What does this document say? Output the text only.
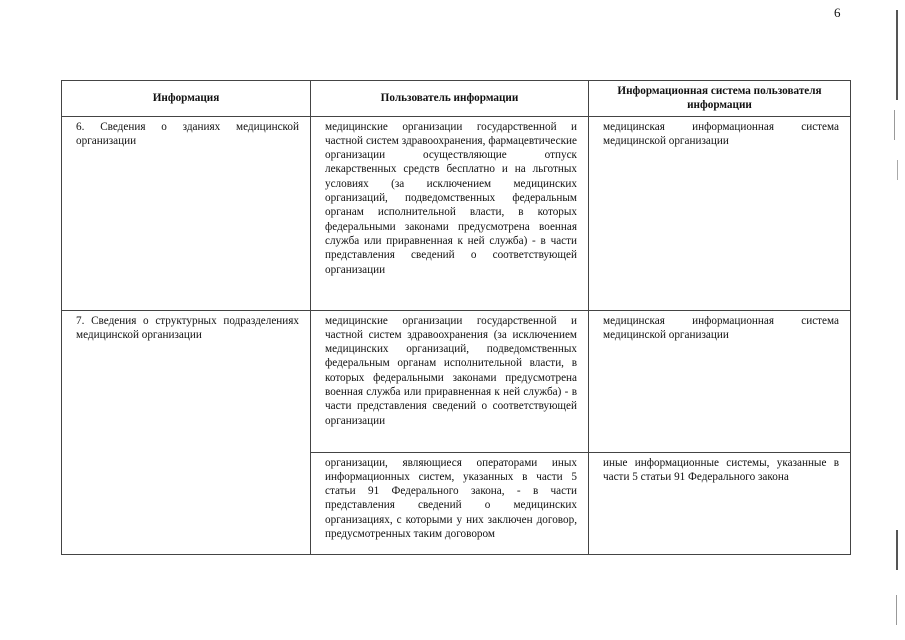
6
Информация	Пользователь информации	Информационная система пользователя информации
6. Сведения о зданиях медицинской организации	медицинские организации государственной и частной систем здравоохранения, фармацевтические организации осуществляющие отпуск лекарственных средств бесплатно и на льготных условиях (за исключением медицинских организаций, подведомственных федеральным органам исполнительной власти, в которых федеральными законами предусмотрена военная служба или приравненная к ней служба) - в части представления сведений о соответствующей организации	медицинская информационная система медицинской организации
7. Сведения о структурных подразделениях медицинской организации	медицинские организации государственной и частной систем здравоохранения (за исключением медицинских организаций, подведомственных федеральным органам исполнительной власти, в которых федеральными законами предусмотрена военная служба или приравненная к ней служба) - в части представления сведений о соответствующей организации	медицинская информационная система медицинской организации
	организации, являющиеся операторами иных информационных систем, указанных в части 5 статьи 91 Федерального закона, - в части представления сведений о медицинских организациях, с которыми у них заключен договор, предусмотренных таким договором	иные информационные системы, указанные в части 5 статьи 91 Федерального закона
